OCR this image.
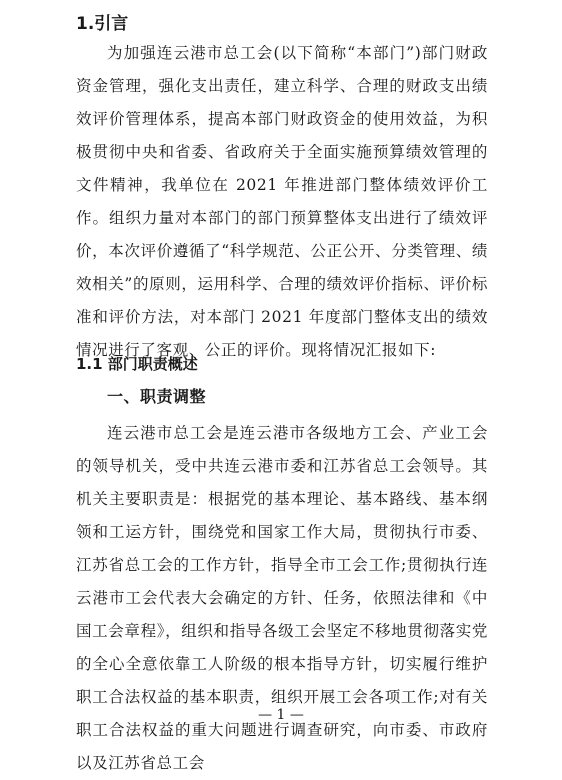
1.引言

为加强连云港市总工会(以下简称“本部门”)部门财政资金管理，强化支出责任，建立科学、合理的财政支出绩效评价管理体系，提高本部门财政资金的使用效益，为积极贯彻中央和省委、省政府关于全面实施预算绩效管理的文件精神，我单位在 2021 年推进部门整体绩效评价工作。组织力量对本部门的部门预算整体支出进行了绩效评价，本次评价遵循了“科学规范、公正公开、分类管理、绩效相关”的原则，运用科学、合理的绩效评价指标、评价标准和评价方法，对本部门 2021 年度部门整体支出的绩效情况进行了客观、公正的评价。现将情况汇报如下:

1.1 部门职责概述
一、职责调整

连云港市总工会是连云港市各级地方工会、产业工会的领导机关，受中共连云港市委和江苏省总工会领导。其机关主要职责是：根据党的基本理论、基本路线、基本纲领和工运方针，围绕党和国家工作大局，贯彻执行市委、江苏省总工会的工作方针，指导全市工会工作;贯彻执行连云港市工会代表大会确定的方针、任务，依照法律和《中国工会章程》，组织和指导各级工会坚定不移地贯彻落实党的全心全意依靠工人阶级的根本指导方针，切实履行维护职工合法权益的基本职责，组织开展工会各项工作;对有关职工合法权益的重大问题进行调查研究，向市委、市政府以及江苏省总工会

— 1 —
